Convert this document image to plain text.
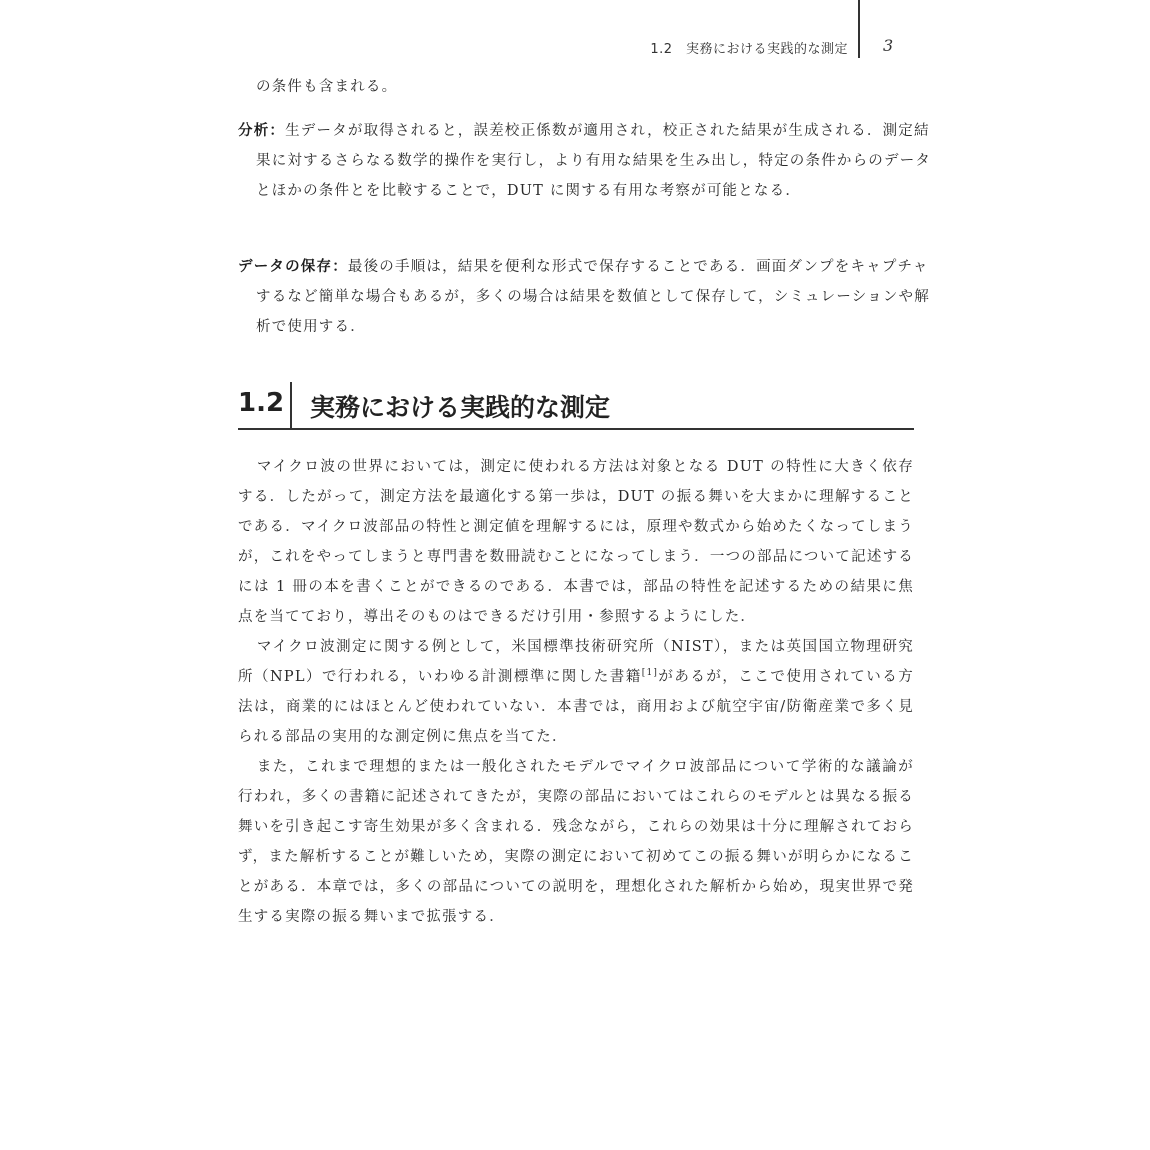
1.2　実務における実践的な測定 3
の条件も含まれる。
分析：生データが取得されると，誤差校正係数が適用され，校正された結果が生成される．測定結果に対するさらなる数学的操作を実行し，より有用な結果を生み出し，特定の条件からのデータとほかの条件とを比較することで，DUT に関する有用な考察が可能となる．
データの保存：最後の手順は，結果を便利な形式で保存することである．画面ダンプをキャプチャするなど簡単な場合もあるが，多くの場合は結果を数値として保存して，シミュレーションや解析で使用する．
1.2 実務における実践的な測定

マイクロ波の世界においては，測定に使われる方法は対象となる DUT の特性に大きく依存する．したがって，測定方法を最適化する第一歩は，DUT の振る舞いを大まかに理解することである．マイクロ波部品の特性と測定値を理解するには，原理や数式から始めたくなってしまうが，これをやってしまうと専門書を数冊読むことになってしまう．一つの部品について記述するには 1 冊の本を書くことができるのである．本書では，部品の特性を記述するための結果に焦点を当てており，導出そのものはできるだけ引用・参照するようにした．

マイクロ波測定に関する例として，米国標準技術研究所（NIST），または英国国立物理研究所（NPL）で行われる，いわゆる計測標準に関した書籍[1]があるが，ここで使用されている方法は，商業的にはほとんど使われていない．本書では，商用および航空宇宙/防衛産業で多く見られる部品の実用的な測定例に焦点を当てた．

また，これまで理想的または一般化されたモデルでマイクロ波部品について学術的な議論が行われ，多くの書籍に記述されてきたが，実際の部品においてはこれらのモデルとは異なる振る舞いを引き起こす寄生効果が多く含まれる．残念ながら，これらの効果は十分に理解されておらず，また解析することが難しいため，実際の測定において初めてこの振る舞いが明らかになることがある．本章では，多くの部品についての説明を，理想化された解析から始め，現実世界で発生する実際の振る舞いまで拡張する．
